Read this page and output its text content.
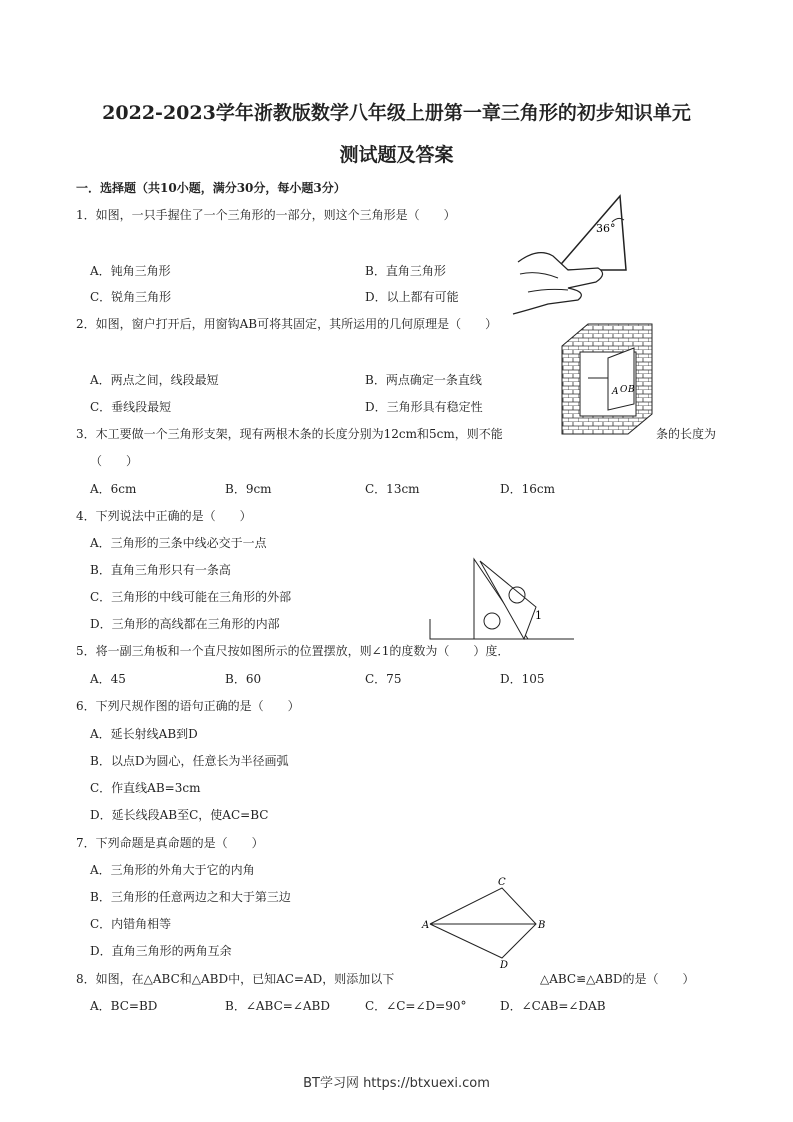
2022-2023学年浙教版数学八年级上册第一章三角形的初步知识单元
测试题及答案
一．选择题（共10小题，满分30分，每小题3分）
1．如图，一只手握住了一个三角形的一部分，则这个三角形是（　　）
A．钝角三角形	B．直角三角形
C．锐角三角形	D．以上都有可能
2．如图，窗户打开后，用窗钩AB可将其固定，其所运用的几何原理是（　　）
A．两点之间，线段最短	B．两点确定一条直线
C．垂线段最短	D．三角形具有稳定性
3．木工要做一个三角形支架，现有两根木条的长度分别为12cm和5cm，则不能	条的长度为
（　　）
A．6cm	B．9cm	C．13cm	D．16cm
4．下列说法中正确的是（　　）
A．三角形的三条中线必交于一点
B．直角三角形只有一条高
C．三角形的中线可能在三角形的外部
D．三角形的高线都在三角形的内部
5．将一副三角板和一个直尺按如图所示的位置摆放，则∠1的度数为（　　）度．
A．45	B．60	C．75	D．105
6．下列尺规作图的语句正确的是（　　）
A．延长射线AB到D
B．以点D为圆心，任意长为半径画弧
C．作直线AB=3cm
D．延长线段AB至C，使AC=BC
7．下列命题是真命题的是（　　）
A．三角形的外角大于它的内角
B．三角形的任意两边之和大于第三边
C．内错角相等
D．直角三角形的两角互余
8．如图，在△ABC和△ABD中，已知AC=AD，则添加以下	△ABC≌△ABD的是（　　）
A．BC=BD	B．∠ABC=∠ABD	C．∠C=∠D=90°	D．∠CAB=∠DAB
36°
A O B
1
A	B
C
D
BT学习网 https://btxuexi.com
